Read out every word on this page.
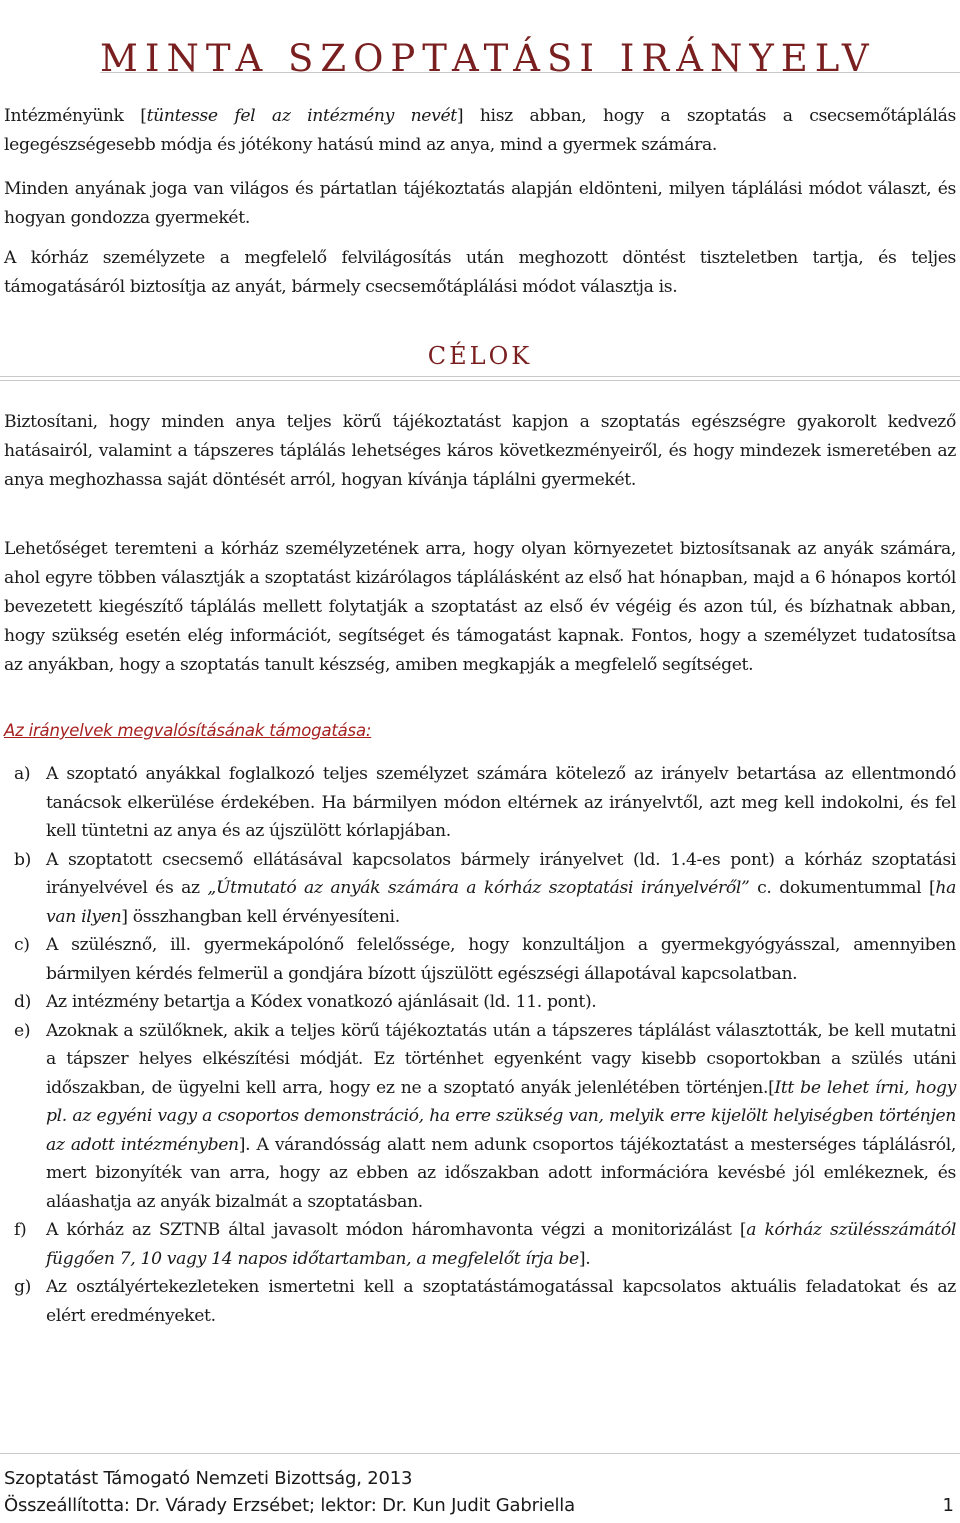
MINTA SZOPTATÁSI IRÁNYELV

Intézményünk [tüntesse fel az intézmény nevét] hisz abban, hogy a szoptatás a csecsemőtáplálás legegészségesebb módja és jótékony hatású mind az anya, mind a gyermek számára.

Minden anyának joga van világos és pártatlan tájékoztatás alapján eldönteni, milyen táplálási módot választ, és hogyan gondozza gyermekét.

A kórház személyzete a megfelelő felvilágosítás után meghozott döntést tiszteletben tartja, és teljes támogatásáról biztosítja az anyát, bármely csecsemőtáplálási módot választja is.

CÉLOK

Biztosítani, hogy minden anya teljes körű tájékoztatást kapjon a szoptatás egészségre gyakorolt kedvező hatásairól, valamint a tápszeres táplálás lehetséges káros következményeiről, és hogy mindezek ismeretében az anya meghozhassa saját döntését arról, hogyan kívánja táplálni gyermekét.

Lehetőséget teremteni a kórház személyzetének arra, hogy olyan környezetet biztosítsanak az anyák számára, ahol egyre többen választják a szoptatást kizárólagos táplálásként az első hat hónapban, majd a 6 hónapos kortól bevezetett kiegészítő táplálás mellett folytatják a szoptatást az első év végéig és azon túl, és bízhatnak abban, hogy szükség esetén elég információt, segítséget és támogatást kapnak. Fontos, hogy a személyzet tudatosítsa az anyákban, hogy a szoptatás tanult készség, amiben megkapják a megfelelő segítséget.

Az irányelvek megvalósításának támogatása:
a) A szoptató anyákkal foglalkozó teljes személyzet számára kötelező az irányelv betartása az ellentmondó tanácsok elkerülése érdekében. Ha bármilyen módon eltérnek az irányelvtől, azt meg kell indokolni, és fel kell tüntetni az anya és az újszülött kórlapjában.
b) A szoptatott csecsemő ellátásával kapcsolatos bármely irányelvet (ld. 1.4-es pont) a kórház szoptatási irányelvével és az „Útmutató az anyák számára a kórház szoptatási irányelvéről” c. dokumentummal [ha van ilyen] összhangban kell érvényesíteni.
c) A szülésznő, ill. gyermekápolónő felelőssége, hogy konzultáljon a gyermekgyógyásszal, amennyiben bármilyen kérdés felmerül a gondjára bízott újszülött egészségi állapotával kapcsolatban.
d) Az intézmény betartja a Kódex vonatkozó ajánlásait (ld. 11. pont).
e) Azoknak a szülőknek, akik a teljes körű tájékoztatás után a tápszeres táplálást választották, be kell mutatni a tápszer helyes elkészítési módját. Ez történhet egyenként vagy kisebb csoportokban a szülés utáni időszakban, de ügyelni kell arra, hogy ez ne a szoptató anyák jelenlétében történjen.[Itt be lehet írni, hogy pl. az egyéni vagy a csoportos demonstráció, ha erre szükség van, melyik erre kijelölt helyiségben történjen az adott intézményben]. A várandósság alatt nem adunk csoportos tájékoztatást a mesterséges táplálásról, mert bizonyíték van arra, hogy az ebben az időszakban adott információra kevésbé jól emlékeznek, és aláashatja az anyák bizalmát a szoptatásban.
f) A kórház az SZTNB által javasolt módon háromhavonta végzi a monitorizálást [a kórház szülésszámától függően 7, 10 vagy 14 napos időtartamban, a megfelelőt írja be].
g) Az osztályértekezleteken ismertetni kell a szoptatástámogatással kapcsolatos aktuális feladatokat és az elért eredményeket.
Szoptatást Támogató Nemzeti Bizottság, 2013
Összeállította: Dr. Várady Erzsébet; lektor: Dr. Kun Judit Gabriella	1
